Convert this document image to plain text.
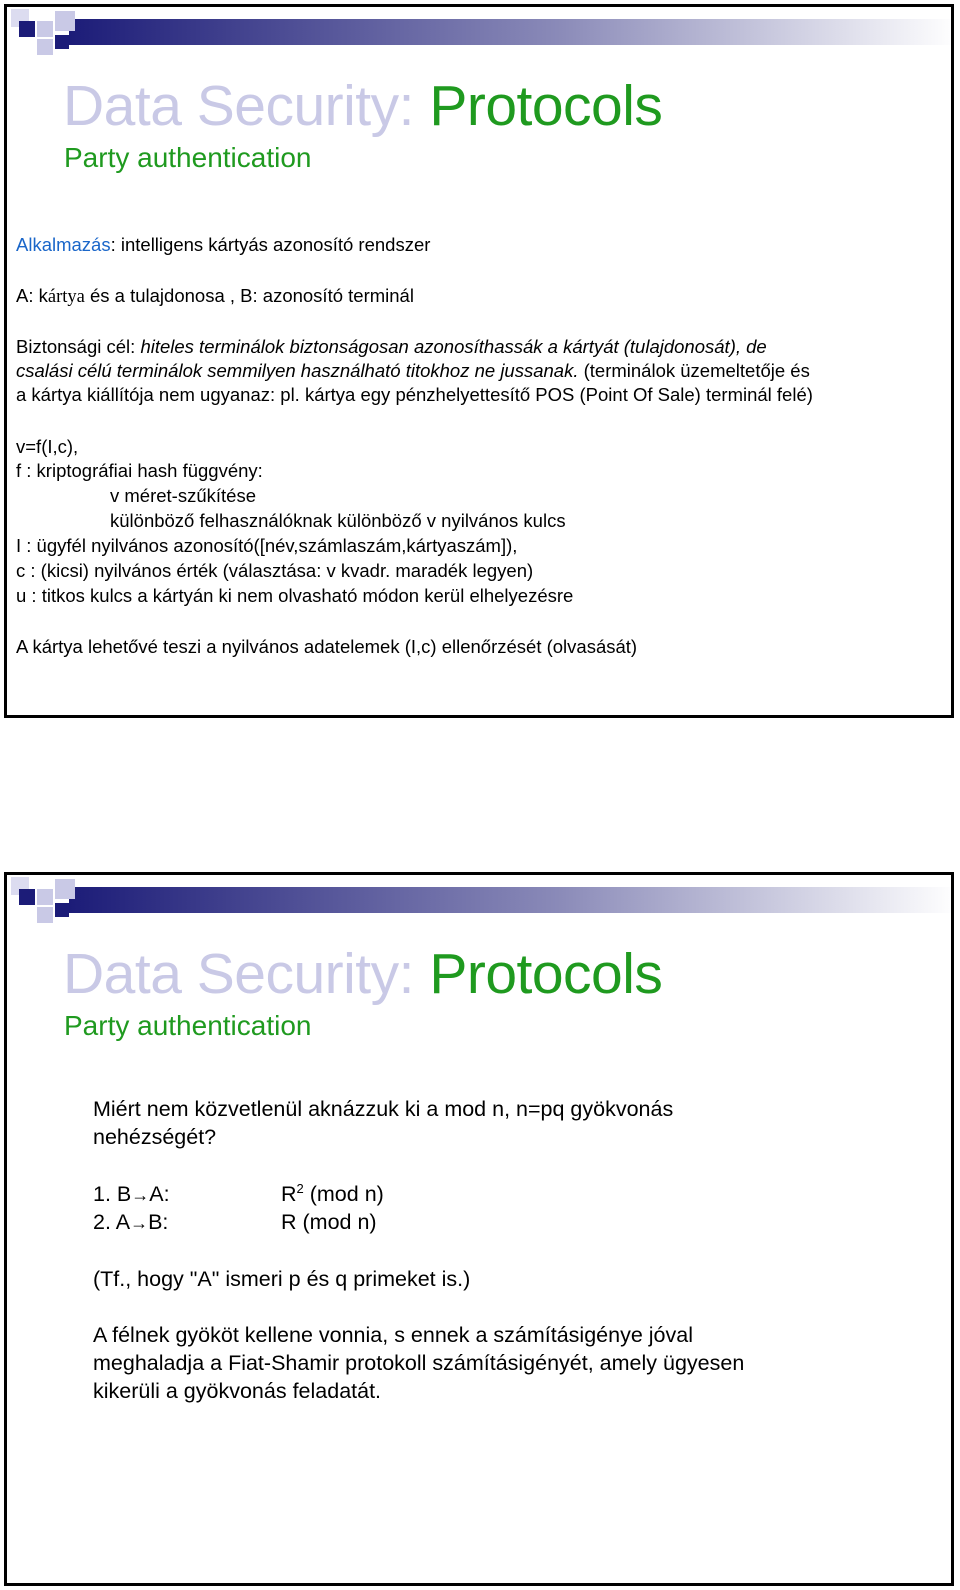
Data Security: Protocols
Party authentication
Alkalmazás: intelligens kártyás azonosító rendszer
A: kártya és a tulajdonosa , B: azonosító terminál
Biztonsági cél: hiteles terminálok biztonságosan azonosíthassák a kártyát (tulajdonosát), de
csalási célú terminálok semmilyen használható titokhoz ne jussanak. (terminálok üzemeltetője és
a kártya kiállítója nem ugyanaz: pl. kártya egy pénzhelyettesítő POS (Point Of Sale) terminál felé)
v=f(I,c),
f : kriptográfiai hash függvény:
v méret-szűkítése
különböző felhasználóknak különböző v nyilvános kulcs
I : ügyfél nyilvános azonosító([név,számlaszám,kártyaszám]),
c : (kicsi) nyilvános érték (választása: v kvadr. maradék legyen)
u : titkos kulcs a kártyán ki nem olvasható módon kerül elhelyezésre
A kártya lehetővé teszi a nyilvános adatelemek (I,c) ellenőrzését (olvasását)
Data Security: Protocols
Party authentication
Miért nem közvetlenül aknázzuk ki a mod n, n=pq gyökvonás
nehézségét?
1. B→A:	$R^2$ (mod n)
2. A→B:	R (mod n)
(Tf., hogy "A" ismeri p és q primeket is.)
A félnek gyököt kellene vonnia, s ennek a számításigénye jóval
meghaladja a Fiat-Shamir protokoll számításigényét, amely ügyesen
kikerüli a gyökvonás feladatát.
